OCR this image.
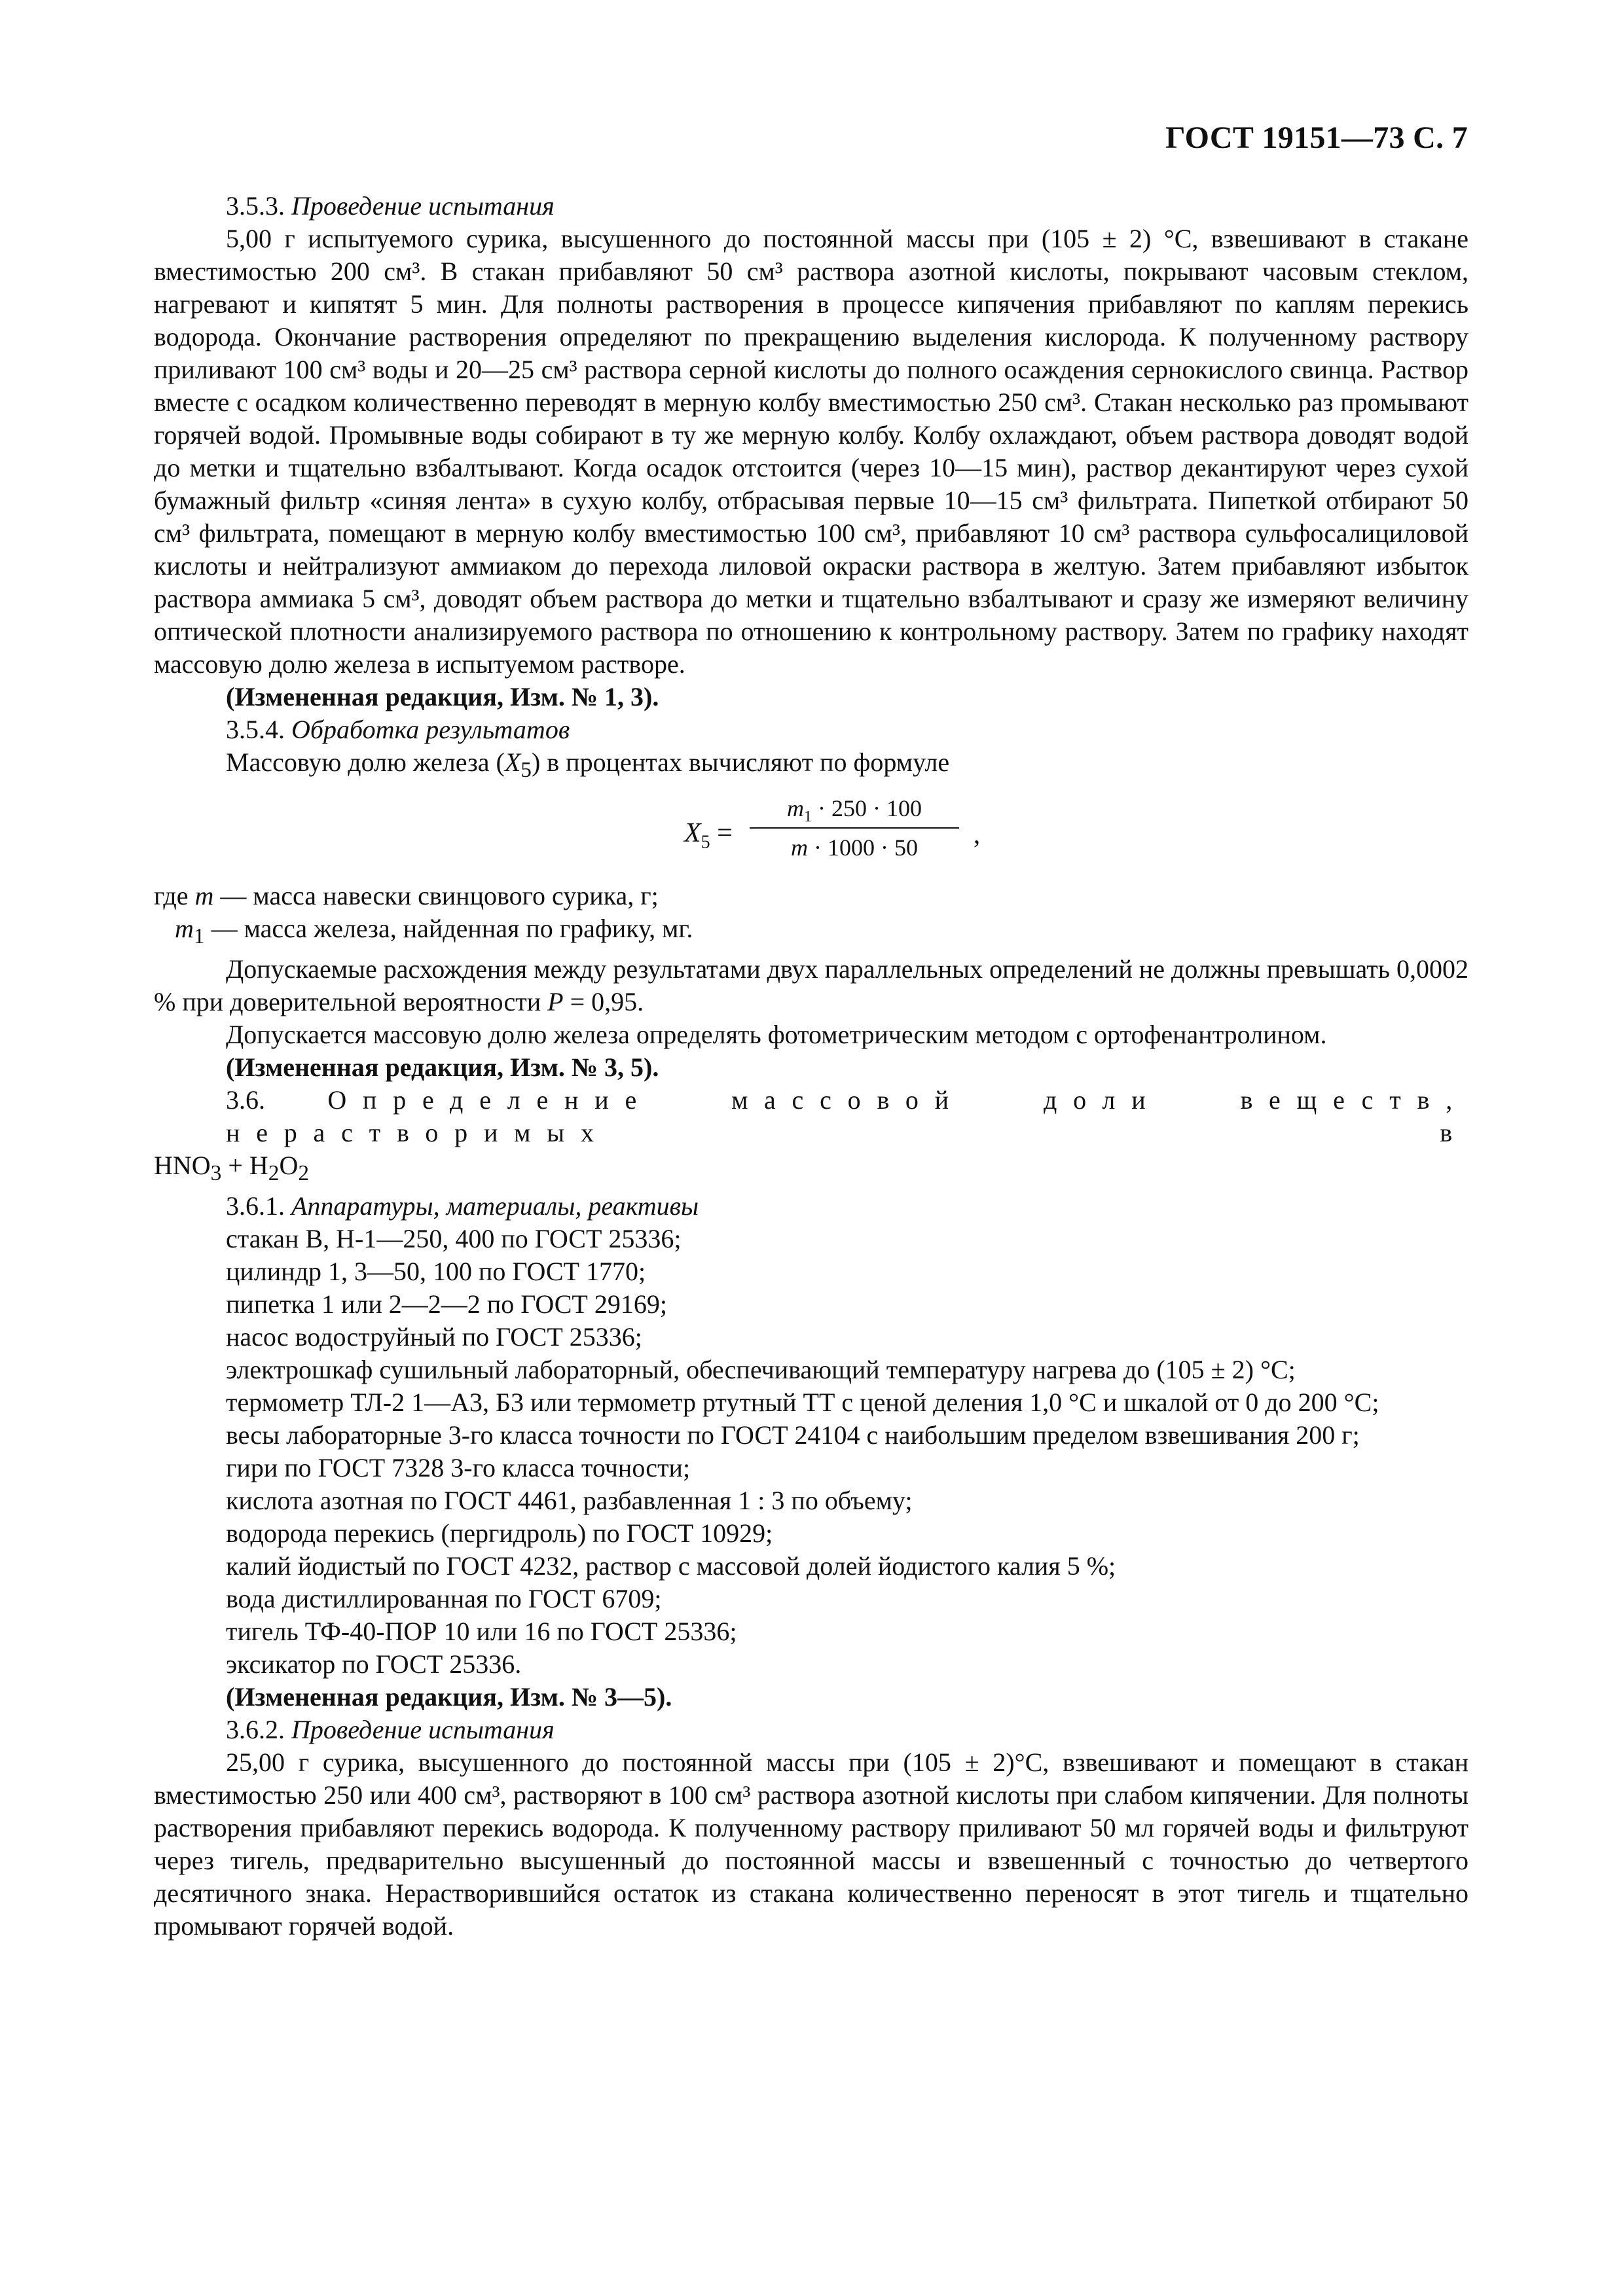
ГОСТ 19151—73 С. 7

3.5.3. Проведение испытания

5,00 г испытуемого сурика, высушенного до постоянной массы при (105 ± 2) °С, взвешивают в стакане вместимостью 200 см³. В стакан прибавляют 50 см³ раствора азотной кислоты, покрывают часовым стеклом, нагревают и кипятят 5 мин. Для полноты растворения в процессе кипячения прибавляют по каплям перекись водорода. Окончание растворения определяют по прекращению выделения кислорода. К полученному раствору приливают 100 см³ воды и 20—25 см³ раствора серной кислоты до полного осаждения сернокислого свинца. Раствор вместе с осадком количественно переводят в мерную колбу вместимостью 250 см³. Стакан несколько раз промывают горячей водой. Промывные воды собирают в ту же мерную колбу. Колбу охлаждают, объем раствора доводят водой до метки и тщательно взбалтывают. Когда осадок отстоится (через 10—15 мин), раствор декантируют через сухой бумажный фильтр «синяя лента» в сухую колбу, отбрасывая первые 10—15 см³ фильтрата. Пипеткой отбирают 50 см³ фильтрата, помещают в мерную колбу вместимостью 100 см³, прибавляют 10 см³ раствора сульфосалициловой кислоты и нейтрализуют аммиаком до перехода лиловой окраски раствора в желтую. Затем прибавляют избыток раствора аммиака 5 см³, доводят объем раствора до метки и тщательно взбалтывают и сразу же измеряют величину оптической плотности анализируемого раствора по отношению к контрольному раствору. Затем по графику находят массовую долю железа в испытуемом растворе.

(Измененная редакция, Изм. № 1, 3).

3.5.4. Обработка результатов

Массовую долю железа $(X_5)$ в процентах вычисляют по формуле

$X_5$ =
$m_1 \cdot 250 \cdot 100$
m · 1000 · 50	,

где m — масса навески свинцового сурика, г;

$m_1$ — масса железа, найденная по графику, мг.

Допускаемые расхождения между результатами двух параллельных определений не должны превышать 0,0002 % при доверительной вероятности P = 0,95.

Допускается массовую долю железа определять фотометрическим методом с ортофенантролином.

(Измененная редакция, Изм. № 3, 5).

3.6. Определение массовой доли веществ, нерастворимых в

$HNO_3 + H_2O_2$

3.6.1. Аппаратуры, материалы, реактивы

стакан В, Н-1—250, 400 по ГОСТ 25336;

цилиндр 1, 3—50, 100 по ГОСТ 1770;

пипетка 1 или 2—2—2 по ГОСТ 29169;

насос водоструйный по ГОСТ 25336;

электрошкаф сушильный лабораторный, обеспечивающий температуру нагрева до (105 ± 2) °С;

термометр ТЛ-2 1—А3, Б3 или термометр ртутный ТТ с ценой деления 1,0 °С и шкалой от 0 до 200 °С;

весы лабораторные 3-го класса точности по ГОСТ 24104 с наибольшим пределом взвешивания 200 г;

гири по ГОСТ 7328 3-го класса точности;

кислота азотная по ГОСТ 4461, разбавленная 1 : 3 по объему;

водорода перекись (пергидроль) по ГОСТ 10929;

калий йодистый по ГОСТ 4232, раствор с массовой долей йодистого калия 5 %;

вода дистиллированная по ГОСТ 6709;

тигель ТФ-40-ПОР 10 или 16 по ГОСТ 25336;

эксикатор по ГОСТ 25336.

(Измененная редакция, Изм. № 3—5).

3.6.2. Проведение испытания

25,00 г сурика, высушенного до постоянной массы при (105 ± 2)°С, взвешивают и помещают в стакан вместимостью 250 или 400 см³, растворяют в 100 см³ раствора азотной кислоты при слабом кипячении. Для полноты растворения прибавляют перекись водорода. К полученному раствору приливают 50 мл горячей воды и фильтруют через тигель, предварительно высушенный до постоянной массы и взвешенный с точностью до четвертого десятичного знака. Нерастворившийся остаток из стакана количественно переносят в этот тигель и тщательно промывают горячей водой.
